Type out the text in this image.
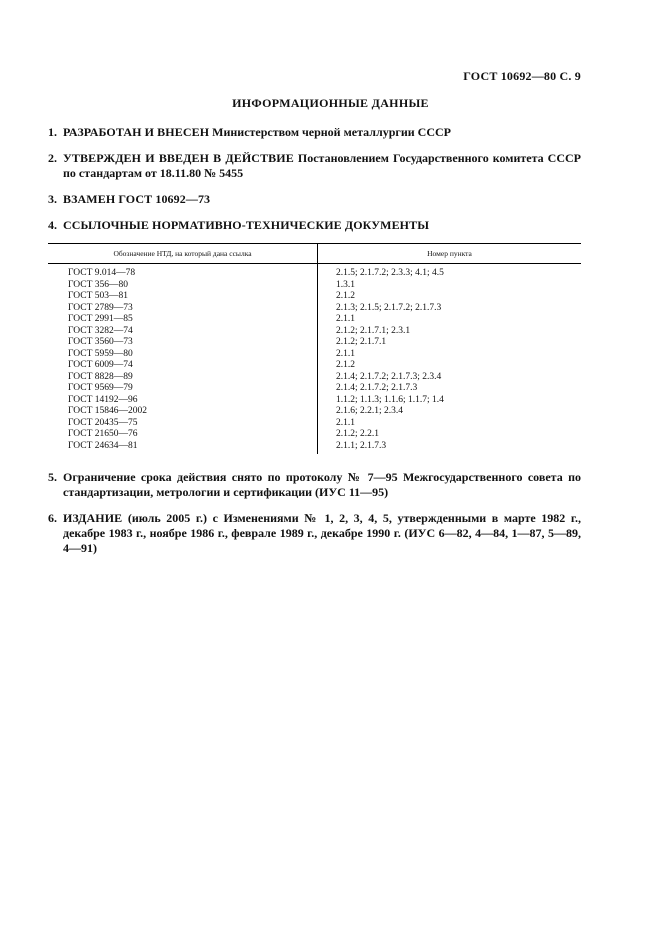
ГОСТ 10692—80 С. 9
ИНФОРМАЦИОННЫЕ ДАННЫЕ
1. РАЗРАБОТАН И ВНЕСЕН Министерством черной металлургии СССР
2. УТВЕРЖДЕН И ВВЕДЕН В ДЕЙСТВИЕ Постановлением Государственного комитета СССР по стандартам от 18.11.80 № 5455
3. ВЗАМЕН ГОСТ 10692—73
4. ССЫЛОЧНЫЕ НОРМАТИВНО-ТЕХНИЧЕСКИЕ ДОКУМЕНТЫ
Обозначение НТД, на который дана ссылка	Номер пункта
ГОСТ 9.014—78	2.1.5; 2.1.7.2; 2.3.3; 4.1; 4.5
ГОСТ 356—80	1.3.1
ГОСТ 503—81	2.1.2
ГОСТ 2789—73	2.1.3; 2.1.5; 2.1.7.2; 2.1.7.3
ГОСТ 2991—85	2.1.1
ГОСТ 3282—74	2.1.2; 2.1.7.1; 2.3.1
ГОСТ 3560—73	2.1.2; 2.1.7.1
ГОСТ 5959—80	2.1.1
ГОСТ 6009—74	2.1.2
ГОСТ 8828—89	2.1.4; 2.1.7.2; 2.1.7.3; 2.3.4
ГОСТ 9569—79	2.1.4; 2.1.7.2; 2.1.7.3
ГОСТ 14192—96	1.1.2; 1.1.3; 1.1.6; 1.1.7; 1.4
ГОСТ 15846—2002	2.1.6; 2.2.1; 2.3.4
ГОСТ 20435—75	2.1.1
ГОСТ 21650—76	2.1.2; 2.2.1
ГОСТ 24634—81	2.1.1; 2.1.7.3
5. Ограничение срока действия снято по протоколу № 7—95 Межгосударственного совета по стандартизации, метрологии и сертификации (ИУС 11—95)
6. ИЗДАНИЕ (июль 2005 г.) с Изменениями № 1, 2, 3, 4, 5, утвержденными в марте 1982 г., декабре 1983 г., ноябре 1986 г., феврале 1989 г., декабре 1990 г. (ИУС 6—82, 4—84, 1—87, 5—89, 4—91)
